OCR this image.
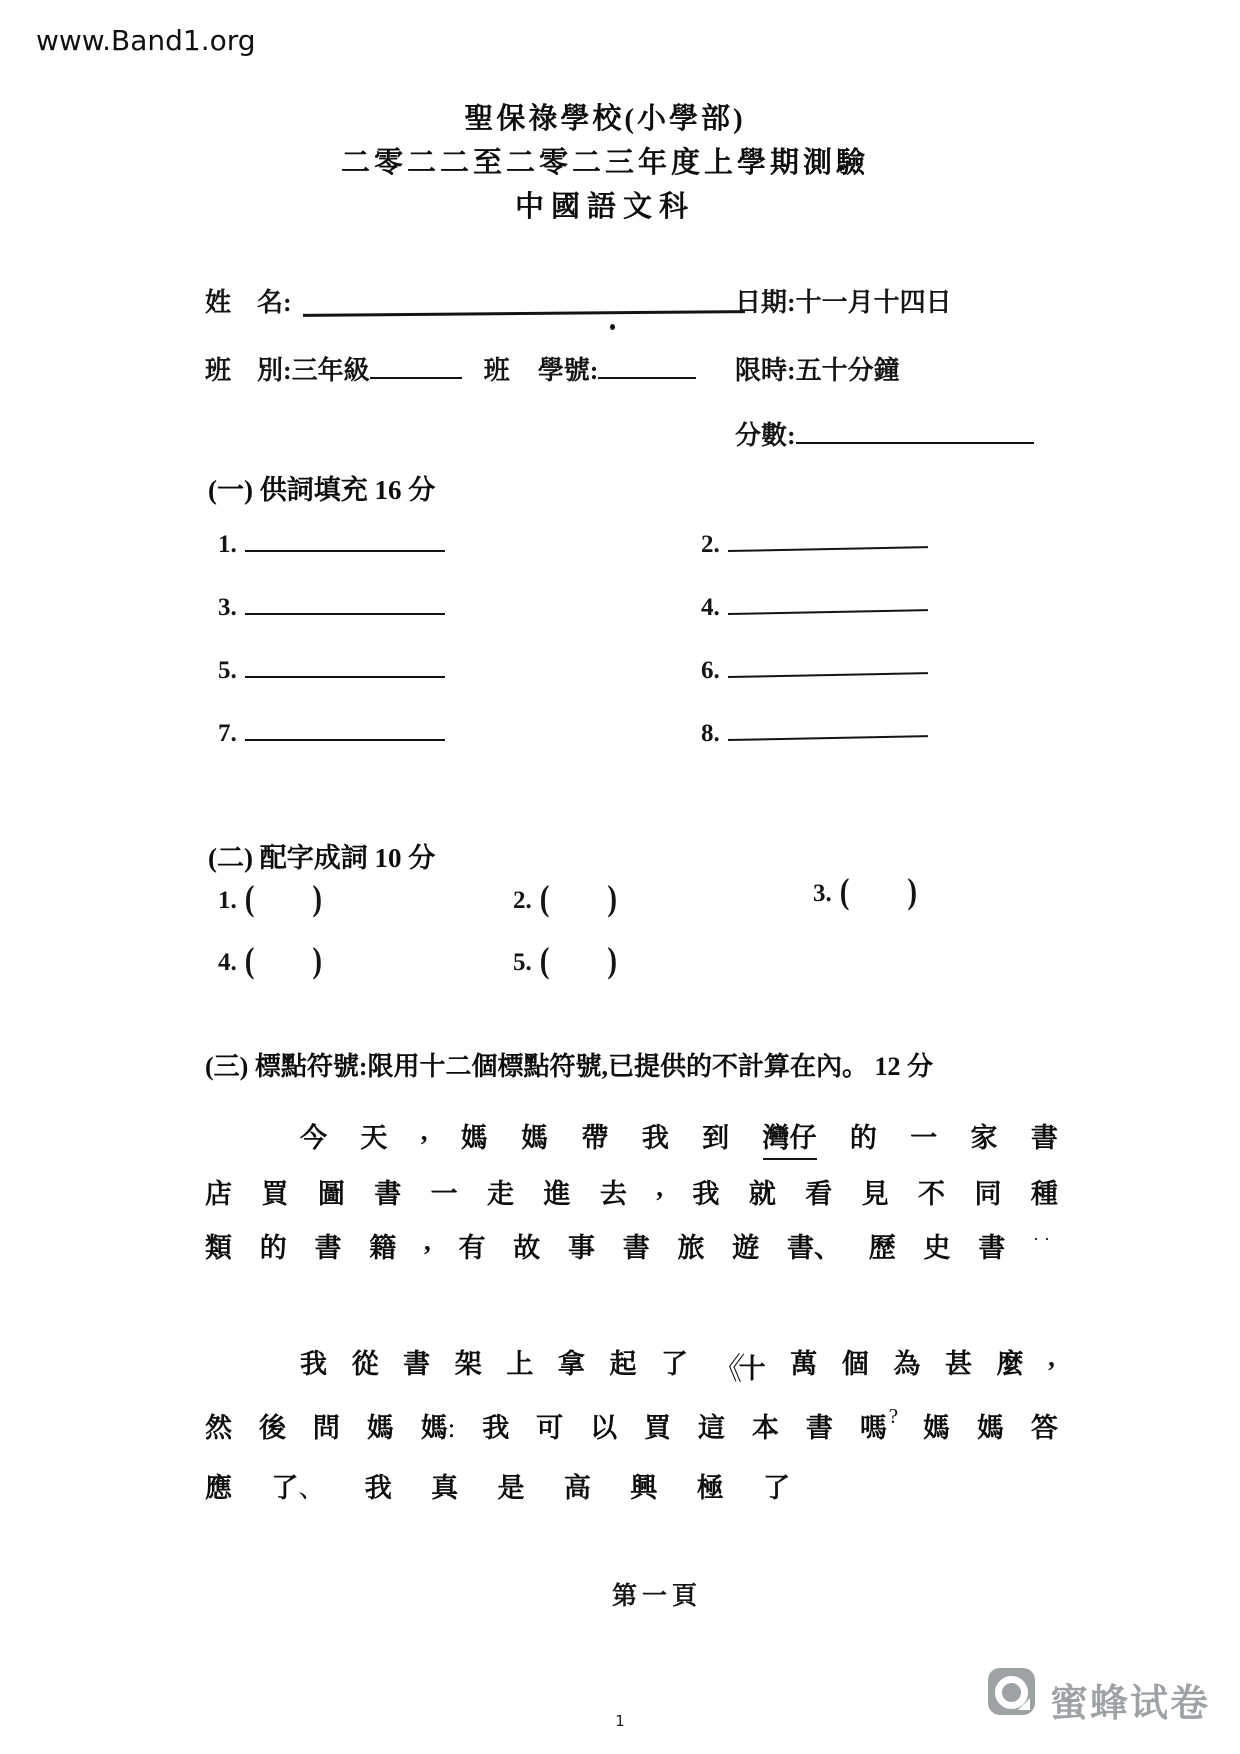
www.Band1.org
聖保祿學校(小學部)
二零二二至二零二三年度上學期測驗
中國語文科
姓　名:
班　別:三年級	班 學號:
日期:十一月十四日
限時:五十分鐘
分數:
(一) 供詞填充 16 分
1.	2.
3.	4.
5.	6.
7.	8.
(二) 配字成詞 10 分
1. ( )	2. ( )	3. ( )
4. ( )	5. ( )
(三) 標點符號:限用十二個標點符號,已提供的不計算在內。 12 分
今 天 , 媽 媽 帶 我 到 灣仔 的 一 家 書
店 買 圖 書 一 走 進 去 , 我 就 看 見 不 同 種
類 的 書 籍 , 有 故 事 書 旅 遊 書、 歷 史 書 ··
我 從 書 架 上 拿 起 了 《十 萬 個 為 甚 麼 ,
然 後 問 媽 媽: 我 可 以 買 這 本 書 嗎? 媽 媽 答
應 了、 我 真 是 高 興 極 了
第一頁
蜜蜂试卷
1
